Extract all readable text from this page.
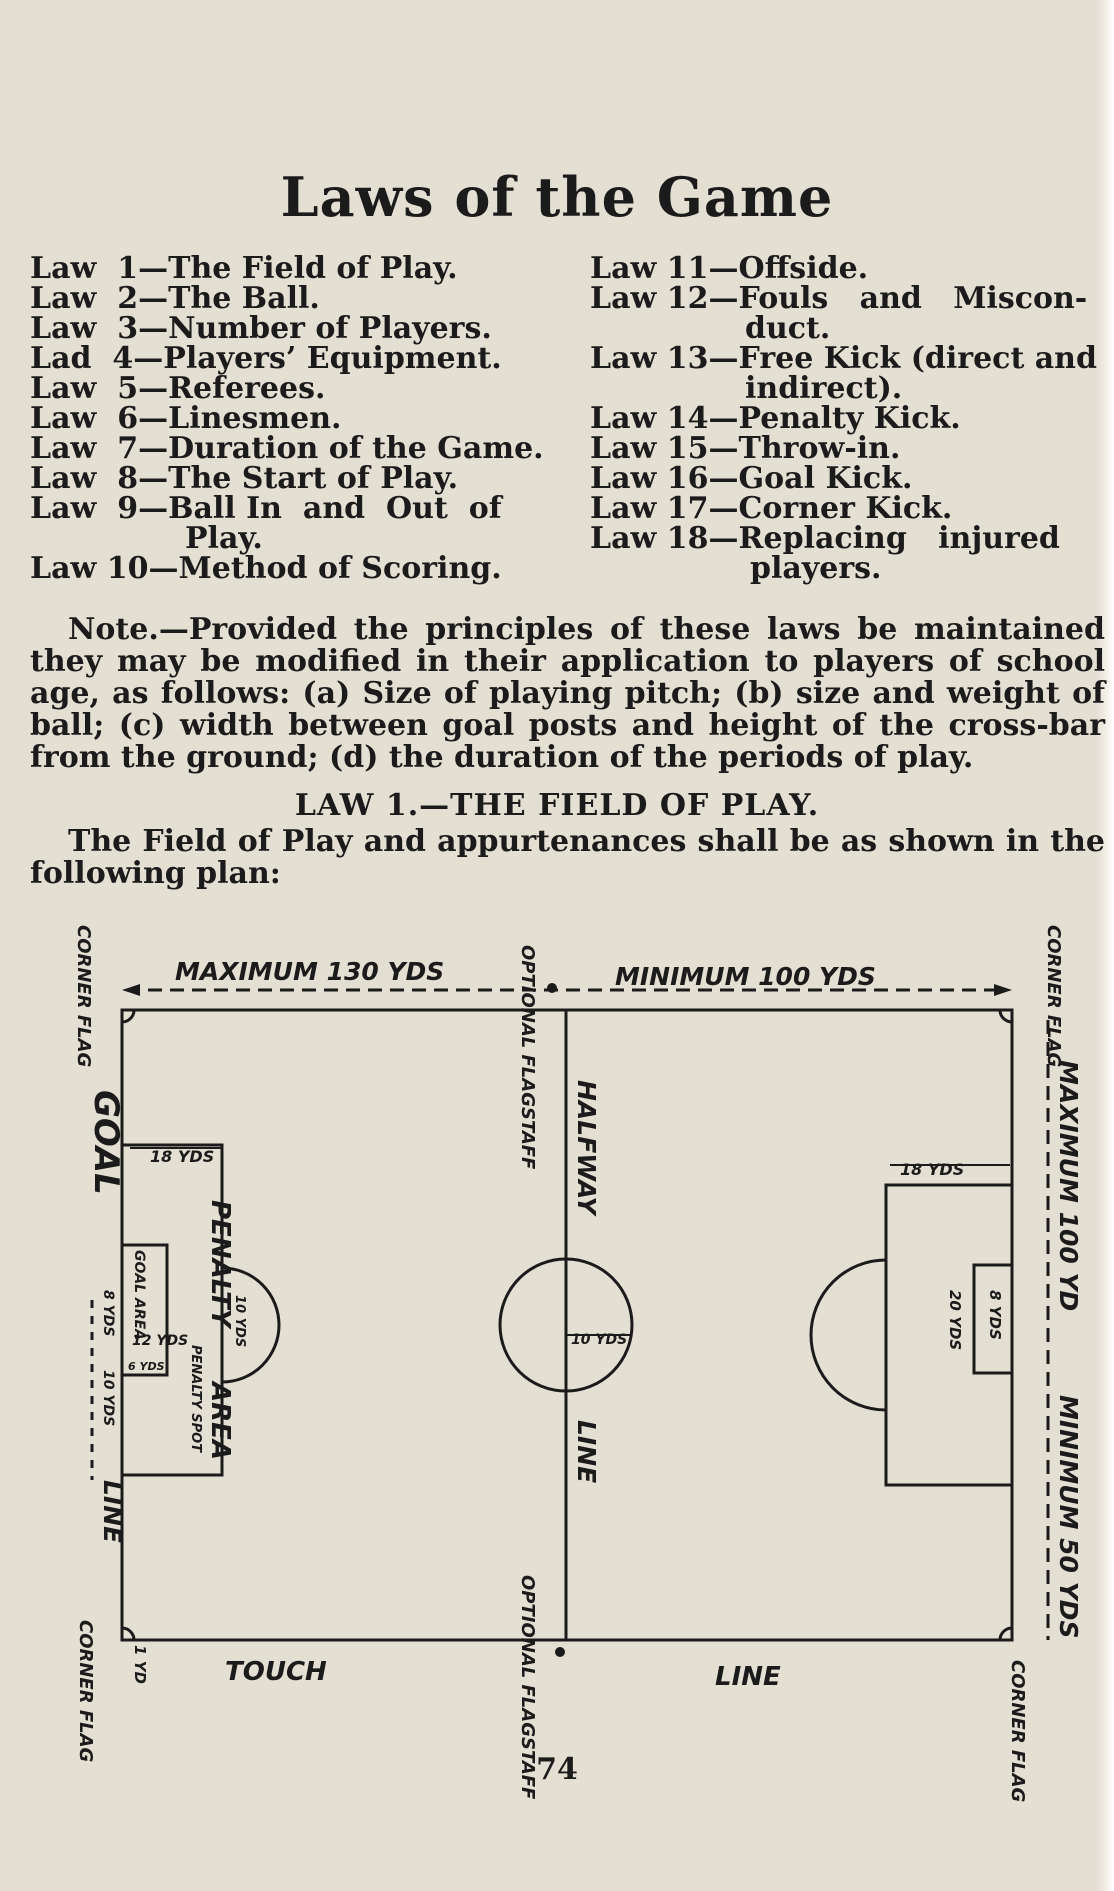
Laws of the Game

Law  1—The Field of Play.

Law  2—The Ball.

Law  3—Number of Players.

Lad  4—Players’ Equipment.

Law  5—Referees.

Law  6—Linesmen.

Law  7—Duration of the Game.

Law  8—The Start of Play.

Law  9—Ball In  and  Out  of

Play.

Law 10—Method of Scoring.

Law 11—Offside.

Law 12—Fouls   and   Miscon-

duct.

Law 13—Free Kick (direct and

indirect).

Law 14—Penalty Kick.

Law 15—Throw-in.

Law 16—Goal Kick.

Law 17—Corner Kick.

Law 18—Replacing   injured

players.

Note.—Provided the principles of these laws be maintained they may be modified in their application to players of school age, as follows: (a) Size of playing pitch; (b) size and weight of ball; (c) width between goal posts and height of the cross-bar from the ground; (d) the duration of the periods of play.
LAW 1.—THE FIELD OF PLAY.
The Field of Play and appurtenances shall be as shown in the following plan:
MAXIMUM 130 YDS	MINIMUM 100 YDS
CORNER FLAG	CORNER FLAG
CORNER FLAG	CORNER FLAG
OPTIONAL FLAGSTAFF
OPTIONAL FLAGSTAFF
HALFWAY
LINE
GOAL
PENALTY
AREA
GOAL AREA
PENALTY SPOT
18 YDS
18 YDS
12 YDS
6 YDS
10 YDS
10 YDS	8 YDS
20 YDS
MAXIMUM 100 YD
MINIMUM 50 YDS
8 YDS
10 YDS
LINE
1 YD	TOUCH	LINE
74
